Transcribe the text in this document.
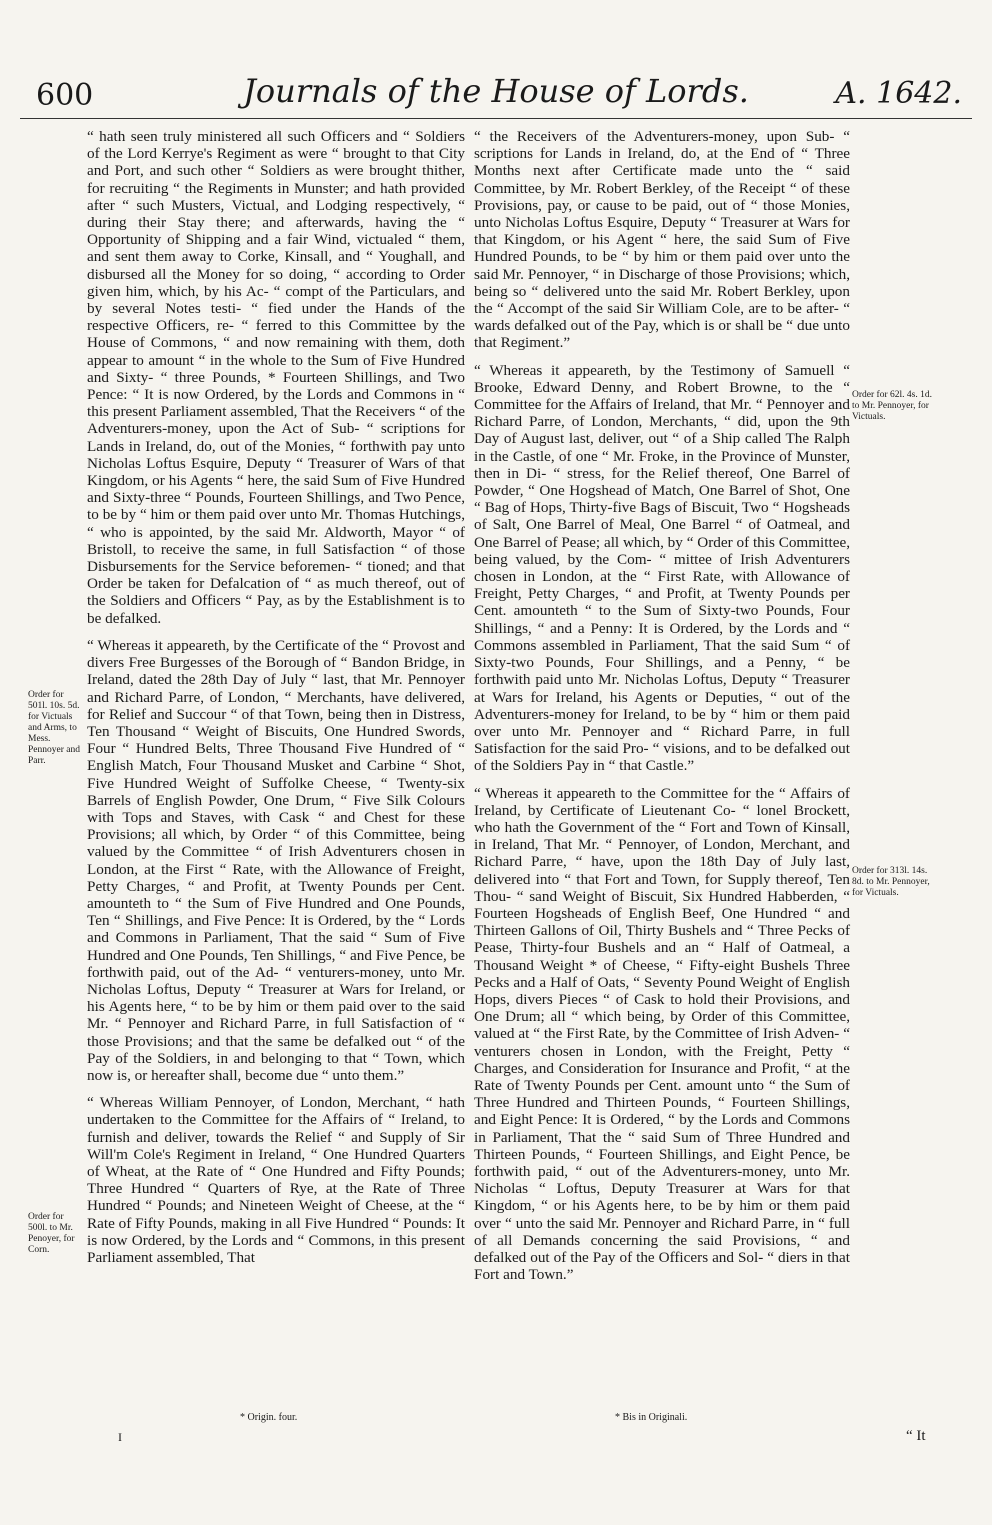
600	Journals of the House of Lords.	A. 1642.

“ hath seen truly ministered all such Officers and “ Soldiers of the Lord Kerrye's Regiment as were “ brought to that City and Port, and such other “ Soldiers as were brought thither, for recruiting “ the Regiments in Munster; and hath provided after “ such Musters, Victual, and Lodging respectively, “ during their Stay there; and afterwards, having the “ Opportunity of Shipping and a fair Wind, victualed “ them, and sent them away to Corke, Kinsall, and “ Youghall, and disbursed all the Money for so doing, “ according to Order given him, which, by his Ac- “ compt of the Particulars, and by several Notes testi- “ fied under the Hands of the respective Officers, re- “ ferred to this Committee by the House of Commons, “ and now remaining with them, doth appear to amount “ in the whole to the Sum of Five Hundred and Sixty- “ three Pounds, * Fourteen Shillings, and Two Pence: “ It is now Ordered, by the Lords and Commons in “ this present Parliament assembled, That the Receivers “ of the Adventurers-money, upon the Act of Sub- “ scriptions for Lands in Ireland, do, out of the Monies, “ forthwith pay unto Nicholas Loftus Esquire, Deputy “ Treasurer of Wars of that Kingdom, or his Agents “ here, the said Sum of Five Hundred and Sixty-three “ Pounds, Fourteen Shillings, and Two Pence, to be by “ him or them paid over unto Mr. Thomas Hutchings, “ who is appointed, by the said Mr. Aldworth, Mayor “ of Bristoll, to receive the same, in full Satisfaction “ of those Disbursements for the Service beforemen- “ tioned; and that Order be taken for Defalcation of “ as much thereof, out of the Soldiers and Officers “ Pay, as by the Establishment is to be defalked.

“ Whereas it appeareth, by the Certificate of the “ Provost and divers Free Burgesses of the Borough of “ Bandon Bridge, in Ireland, dated the 28th Day of July “ last, that Mr. Pennoyer and Richard Parre, of London, “ Merchants, have delivered, for Relief and Succour “ of that Town, being then in Distress, Ten Thousand “ Weight of Biscuits, One Hundred Swords, Four “ Hundred Belts, Three Thousand Five Hundred of “ English Match, Four Thousand Musket and Carbine “ Shot, Five Hundred Weight of Suffolke Cheese, “ Twenty-six Barrels of English Powder, One Drum, “ Five Silk Colours with Tops and Staves, with Cask “ and Chest for these Provisions; all which, by Order “ of this Committee, being valued by the Committee “ of Irish Adventurers chosen in London, at the First “ Rate, with the Allowance of Freight, Petty Charges, “ and Profit, at Twenty Pounds per Cent. amounteth to “ the Sum of Five Hundred and One Pounds, Ten “ Shillings, and Five Pence: It is Ordered, by the “ Lords and Commons in Parliament, That the said “ Sum of Five Hundred and One Pounds, Ten Shillings, “ and Five Pence, be forthwith paid, out of the Ad- “ venturers-money, unto Mr. Nicholas Loftus, Deputy “ Treasurer at Wars for Ireland, or his Agents here, “ to be by him or them paid over to the said Mr. “ Pennoyer and Richard Parre, in full Satisfaction of “ those Provisions; and that the same be defalked out “ of the Pay of the Soldiers, in and belonging to that “ Town, which now is, or hereafter shall, become due “ unto them.”

“ Whereas William Pennoyer, of London, Merchant, “ hath undertaken to the Committee for the Affairs of “ Ireland, to furnish and deliver, towards the Relief “ and Supply of Sir Will'm Cole's Regiment in Ireland, “ One Hundred Quarters of Wheat, at the Rate of “ One Hundred and Fifty Pounds; Three Hundred “ Quarters of Rye, at the Rate of Three Hundred “ Pounds; and Nineteen Weight of Cheese, at the “ Rate of Fifty Pounds, making in all Five Hundred “ Pounds: It is now Ordered, by the Lords and “ Commons, in this present Parliament assembled, That

“ the Receivers of the Adventurers-money, upon Sub- “ scriptions for Lands in Ireland, do, at the End of “ Three Months next after Certificate made unto the “ said Committee, by Mr. Robert Berkley, of the Receipt “ of these Provisions, pay, or cause to be paid, out of “ those Monies, unto Nicholas Loftus Esquire, Deputy “ Treasurer at Wars for that Kingdom, or his Agent “ here, the said Sum of Five Hundred Pounds, to be “ by him or them paid over unto the said Mr. Pennoyer, “ in Discharge of those Provisions; which, being so “ delivered unto the said Mr. Robert Berkley, upon the “ Accompt of the said Sir William Cole, are to be after- “ wards defalked out of the Pay, which is or shall be “ due unto that Regiment.”

“ Whereas it appeareth, by the Testimony of Samuell “ Brooke, Edward Denny, and Robert Browne, to the “ Committee for the Affairs of Ireland, that Mr. “ Pennoyer and Richard Parre, of London, Merchants, “ did, upon the 9th Day of August last, deliver, out “ of a Ship called The Ralph in the Castle, of one “ Mr. Froke, in the Province of Munster, then in Di- “ stress, for the Relief thereof, One Barrel of Powder, “ One Hogshead of Match, One Barrel of Shot, One “ Bag of Hops, Thirty-five Bags of Biscuit, Two “ Hogsheads of Salt, One Barrel of Meal, One Barrel “ of Oatmeal, and One Barrel of Pease; all which, by “ Order of this Committee, being valued, by the Com- “ mittee of Irish Adventurers chosen in London, at the “ First Rate, with Allowance of Freight, Petty Charges, “ and Profit, at Twenty Pounds per Cent. amounteth “ to the Sum of Sixty-two Pounds, Four Shillings, “ and a Penny: It is Ordered, by the Lords and “ Commons assembled in Parliament, That the said Sum “ of Sixty-two Pounds, Four Shillings, and a Penny, “ be forthwith paid unto Mr. Nicholas Loftus, Deputy “ Treasurer at Wars for Ireland, his Agents or Deputies, “ out of the Adventurers-money for Ireland, to be by “ him or them paid over unto Mr. Pennoyer and “ Richard Parre, in full Satisfaction for the said Pro- “ visions, and to be defalked out of the Soldiers Pay in “ that Castle.”

“ Whereas it appeareth to the Committee for the “ Affairs of Ireland, by Certificate of Lieutenant Co- “ lonel Brockett, who hath the Government of the “ Fort and Town of Kinsall, in Ireland, That Mr. “ Pennoyer, of London, Merchant, and Richard Parre, “ have, upon the 18th Day of July last, delivered into “ that Fort and Town, for Supply thereof, Ten Thou- “ sand Weight of Biscuit, Six Hundred Habberden, “ Fourteen Hogsheads of English Beef, One Hundred “ and Thirteen Gallons of Oil, Thirty Bushels and “ Three Pecks of Pease, Thirty-four Bushels and an “ Half of Oatmeal, a Thousand Weight * of Cheese, “ Fifty-eight Bushels Three Pecks and a Half of Oats, “ Seventy Pound Weight of English Hops, divers Pieces “ of Cask to hold their Provisions, and One Drum; all “ which being, by Order of this Committee, valued at “ the First Rate, by the Committee of Irish Adven- “ venturers chosen in London, with the Freight, Petty “ Charges, and Consideration for Insurance and Profit, “ at the Rate of Twenty Pounds per Cent. amount unto “ the Sum of Three Hundred and Thirteen Pounds, “ Fourteen Shillings, and Eight Pence: It is Ordered, “ by the Lords and Commons in Parliament, That the “ said Sum of Three Hundred and Thirteen Pounds, “ Fourteen Shillings, and Eight Pence, be forthwith paid, “ out of the Adventurers-money, unto Mr. Nicholas “ Loftus, Deputy Treasurer at Wars for that Kingdom, “ or his Agents here, to be by him or them paid over “ unto the said Mr. Pennoyer and Richard Parre, in “ full of all Demands concerning the said Provisions, “ and defalked out of the Pay of the Officers and Sol- “ diers in that Fort and Town.”

Order for 501l. 10s. 5d. for Victuals and Arms, to Mess. Pennoyer and Parr.
Order for 500l. to Mr. Penoyer, for Corn.
Order for 62l. 4s. 1d. to Mr. Pennoyer, for Victuals.
Order for 313l. 14s. 8d. to Mr. Pennoyer, for Victuals.
* Origin. four.	* Bis in Originali.
I	“ It
